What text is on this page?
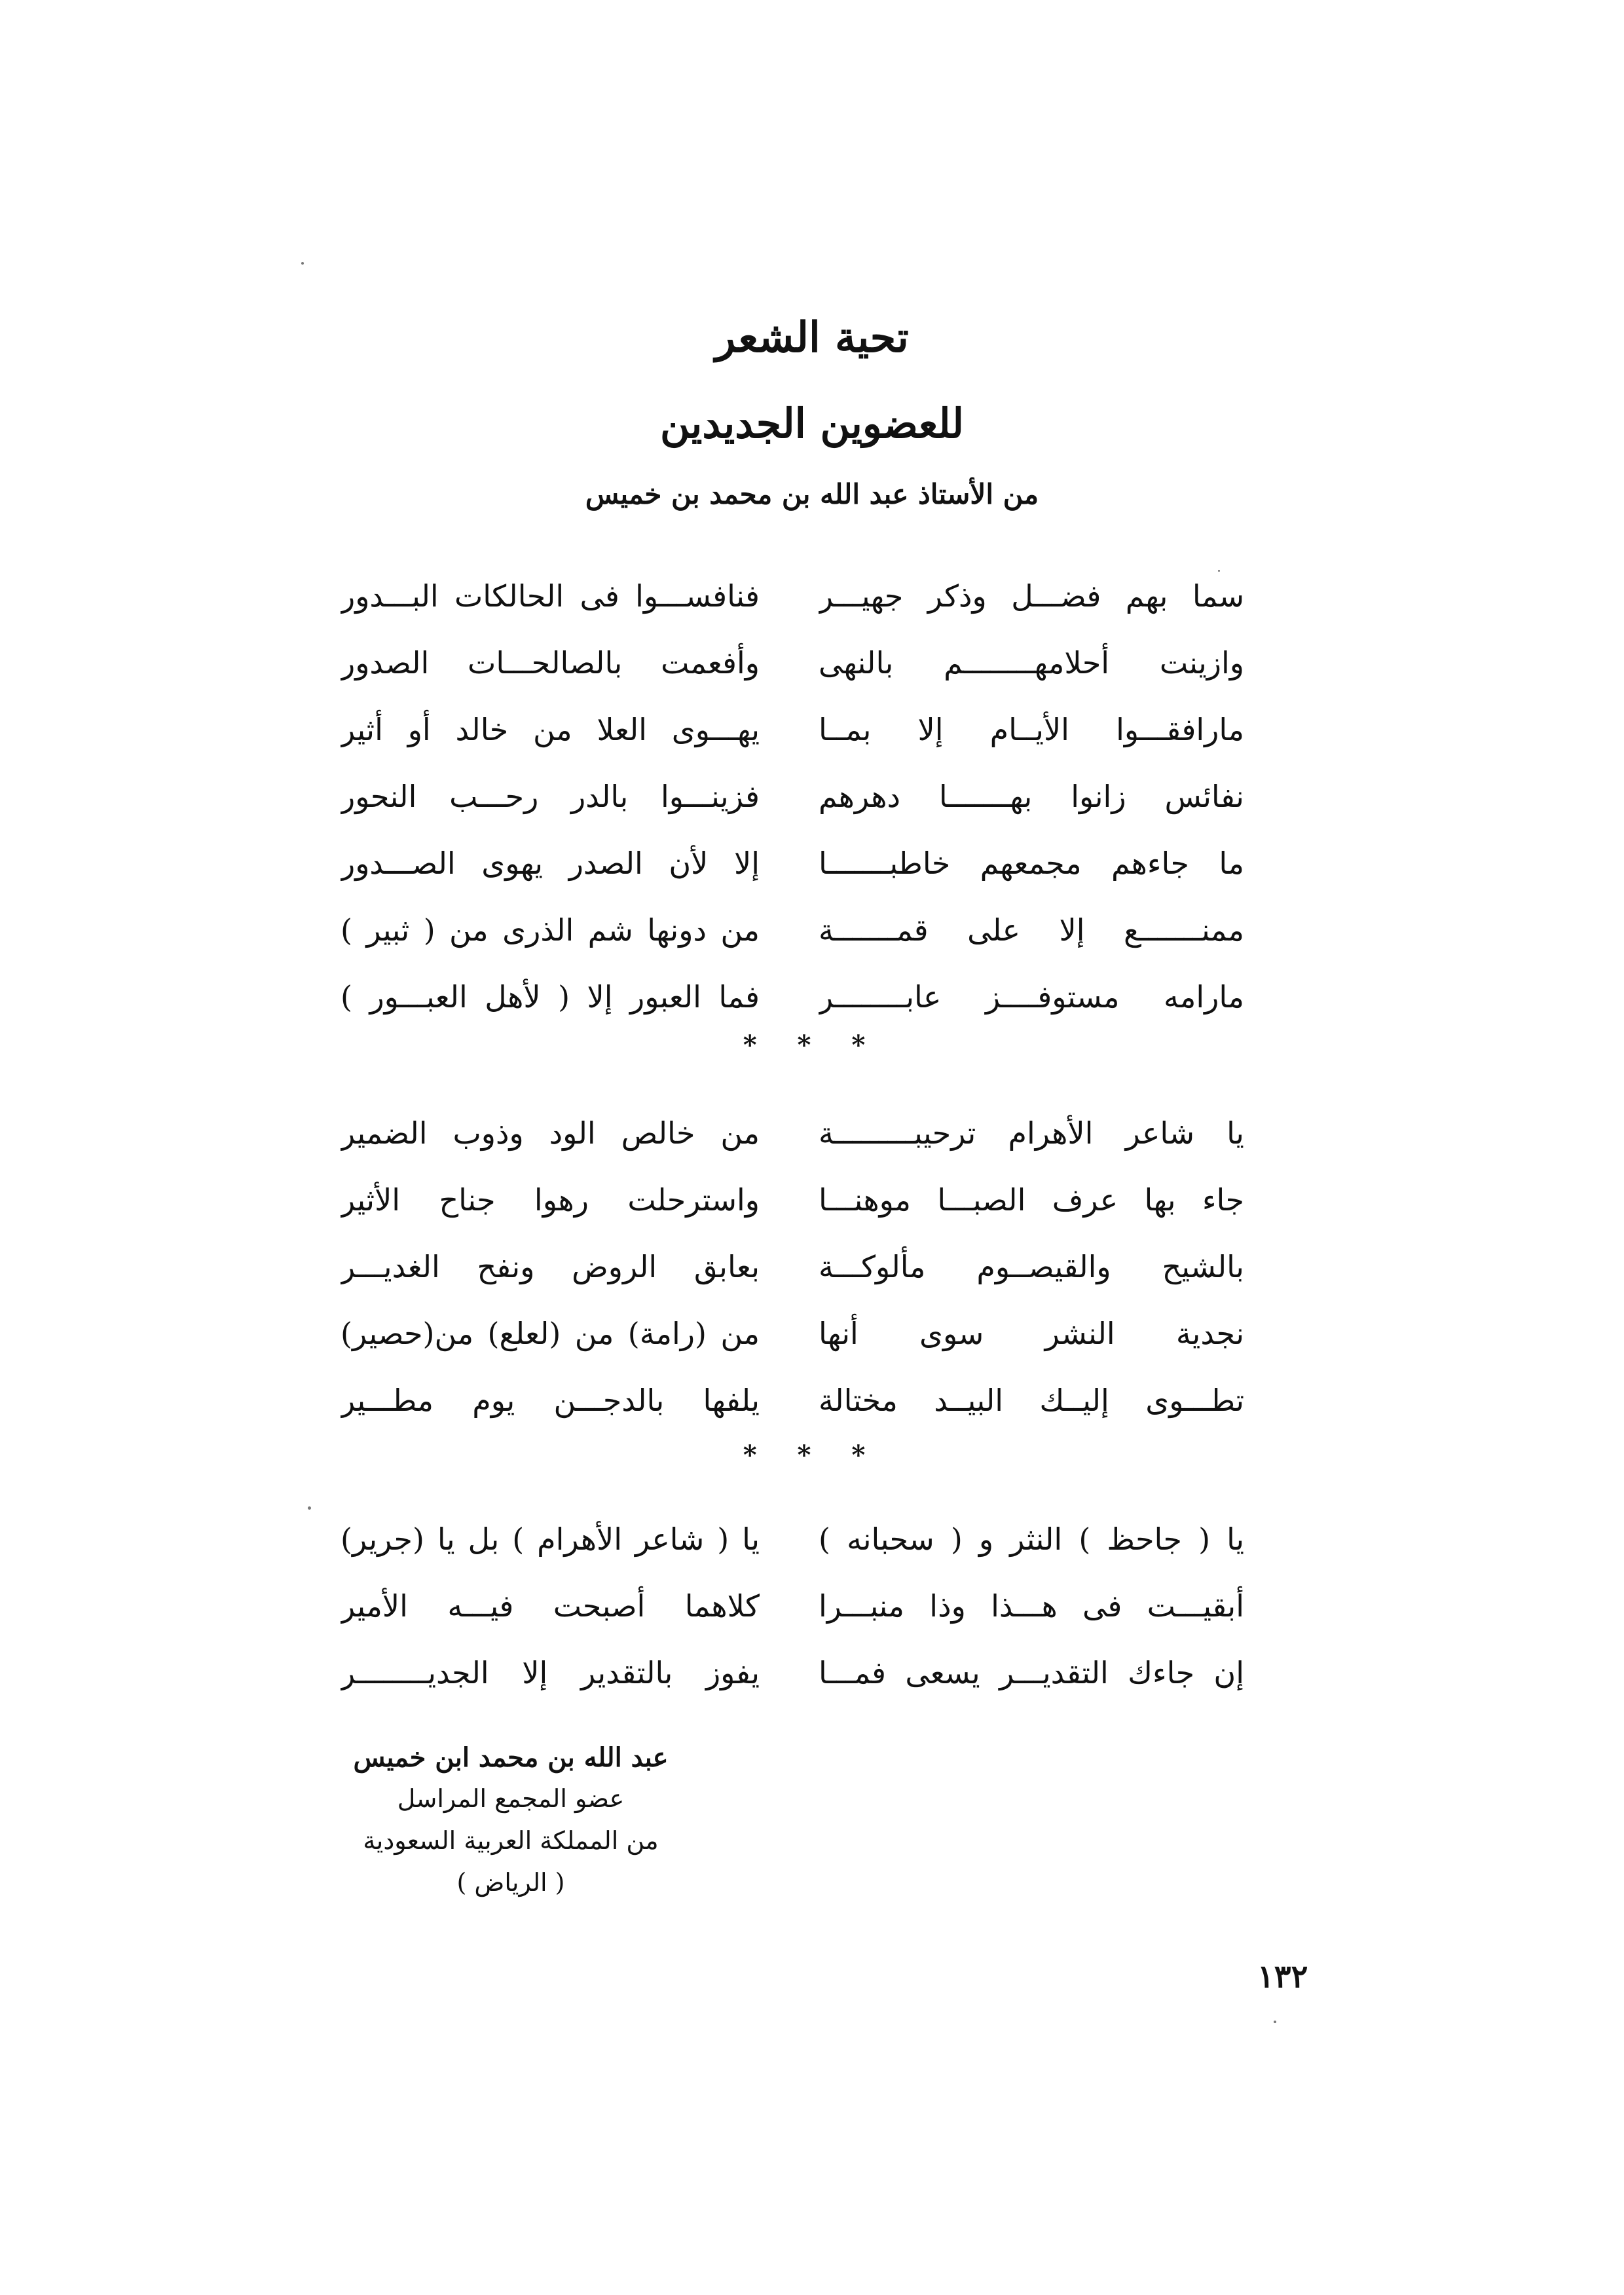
تحية الشعر
للعضوين الجديدين
من الأستاذ عبد الله بن محمد بن خميس
سما بهم فضـــل وذكر جهيـــر
فنافســـوا فى الحالكات البـــدور
وازينت أحلامهــــــــم بالنهى
وأفعمت بالصالحـــات الصدور
مارافقـــوا الأيــام إلا بمــا
يهـــوى العلا من خالد أو أثير
نفائس زانوا بهـــــــا دهرهم
فزينـــوا بالدر رحـــب النحور
ما جاءهم مجمعهم خاطبـــــــا
إلا لأن الصدر يهوى الصـــدور
ممنـــــــع إلا على قمـــــــة
من دونها شم الذرى من ( ثبير )
مارامه مستوفــــز عابــــــــر
فما العبور إلا ( لأهل العبـــور )
* * *
يا شاعر الأهرام ترحيبـــــــــة
من خالص الود وذوب الضمير
جاء بها عرف الصبـــا موهنـــا
واسترحلت رهوا جناح الأثير
بالشيح والقيصــوم مألوكـــة
بعابق الروض ونفح الغديـــر
نجدية النشر سوى أنها
من (رامة) من (لعلع) من(حصير)
تطـــوى إليــك البيــد مختالة
يلفها بالدجـــن يوم مطـــير
* * *
يا ( جاحظ ) النثر و ( سحبانه )
يا ( شاعر الأهرام ) بل يا (جرير)
أبقيـــت فى هـــذا وذا منبـــرا
كلاهما أصبحت فيـــه الأمير
إن جاءك التقديـــر يسعى فمـــا
يفوز بالتقدير إلا الجديــــــــر
عبد الله بن محمد ابن خميس
عضو المجمع المراسل
من المملكة العربية السعودية
( الرياض )
١٣٢
